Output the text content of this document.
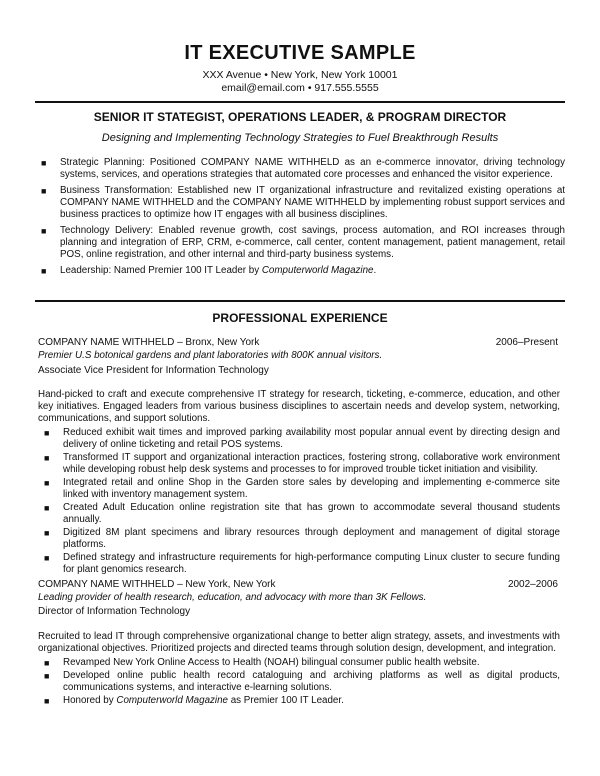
IT EXECUTIVE SAMPLE
XXX Avenue • New York, New York 10001
email@email.com • 917.555.5555
SENIOR IT STATEGIST, OPERATIONS LEADER, & PROGRAM DIRECTOR
Designing and Implementing Technology Strategies to Fuel Breakthrough Results
■ Strategic Planning: Positioned COMPANY NAME WITHHELD as an e-commerce innovator, driving technology systems, services, and operations strategies that automated core processes and enhanced the visitor experience.
■ Business Transformation: Established new IT organizational infrastructure and revitalized existing operations at COMPANY NAME WITHHELD and the COMPANY NAME WITHHELD by implementing robust support services and business practices to optimize how IT engages with all business disciplines.
■ Technology Delivery: Enabled revenue growth, cost savings, process automation, and ROI increases through planning and integration of ERP, CRM, e-commerce, call center, content management, patient management, retail POS, online registration, and other internal and third-party business systems.
■ Leadership: Named Premier 100 IT Leader by Computerworld Magazine.
PROFESSIONAL EXPERIENCE
COMPANY NAME WITHHELD – Bronx, New York	2006–Present
Premier U.S botonical gardens and plant laboratories with 800K annual visitors.
Associate Vice President for Information Technology

Hand-picked to craft and execute comprehensive IT strategy for research, ticketing, e-commerce, education, and other key initiatives. Engaged leaders from various business disciplines to ascertain needs and develop system, networking, communications, and support solutions.

■ Reduced exhibit wait times and improved parking availability most popular annual event by directing design and delivery of online ticketing and retail POS systems.
■ Transformed IT support and organizational interaction practices, fostering strong, collaborative work environment while developing robust help desk systems and processes to for improved trouble ticket initiation and visibility.
■ Integrated retail and online Shop in the Garden store sales by developing and implementing e-commerce site linked with inventory management system.
■ Created Adult Education online registration site that has grown to accommodate several thousand students annually.
■ Digitized 8M plant specimens and library resources through deployment and management of digital storage platforms.
■ Defined strategy and infrastructure requirements for high-performance computing Linux cluster to secure funding for plant genomics research.
COMPANY NAME WITHHELD – New York, New York	2002–2006
Leading provider of health research, education, and advocacy with more than 3K Fellows.
Director of Information Technology

Recruited to lead IT through comprehensive organizational change to better align strategy, assets, and investments with organizational objectives. Prioritized projects and directed teams through solution design, development, and integration.

■ Revamped New York Online Access to Health (NOAH) bilingual consumer public health website.
■ Developed online public health record cataloguing and archiving platforms as well as digital products, communications systems, and interactive e-learning solutions.
■ Honored by Computerworld Magazine as Premier 100 IT Leader.
